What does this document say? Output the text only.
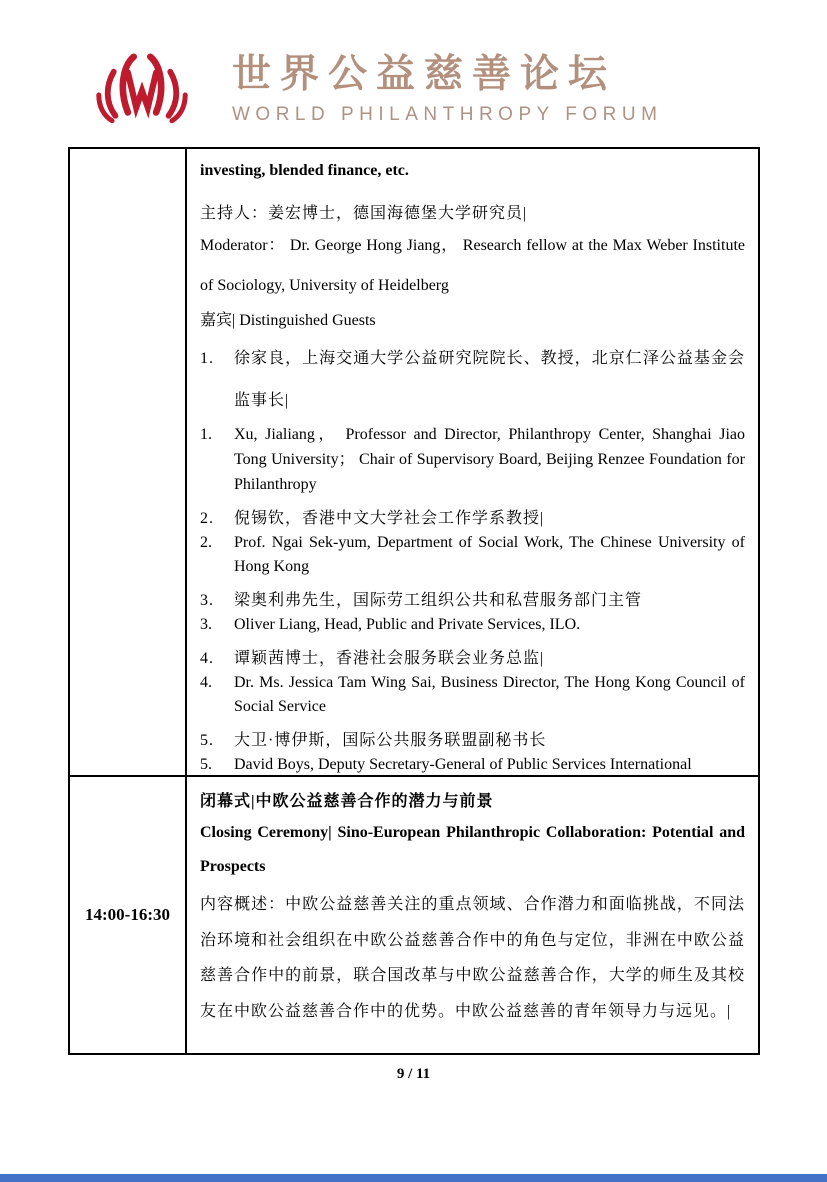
世界公益慈善论坛
WORLD PHILANTHROPY FORUM

investing, blended finance, etc.

主持人：姜宏博士，德国海德堡大学研究员|

Moderator： Dr. George Hong Jiang， Research fellow at the Max Weber Institute of Sociology, University of Heidelberg

嘉宾| Distinguished Guests

1.	徐家良，上海交通大学公益研究院院长、教授，北京仁泽公益基金会监事长|
1.	Xu, Jialiang， Professor and Director, Philanthropy Center, Shanghai Jiao Tong University； Chair of Supervisory Board, Beijing Renzee Foundation for Philanthropy
2.	倪锡钦，香港中文大学社会工作学系教授|
2.	Prof. Ngai Sek-yum, Department of Social Work, The Chinese University of Hong Kong
3.	梁奥利弗先生，国际劳工组织公共和私营服务部门主管
3.	Oliver Liang, Head, Public and Private Services, ILO.
4.	谭颖茜博士，香港社会服务联会业务总监|
4.	Dr. Ms. Jessica Tam Wing Sai, Business Director, The Hong Kong Council of Social Service
5.	大卫·博伊斯，国际公共服务联盟副秘书长
5.	David Boys, Deputy Secretary-General of Public Services International
14:00-16:30

闭幕式|中欧公益慈善合作的潜力与前景

Closing Ceremony| Sino-European Philanthropic Collaboration: Potential and Prospects

内容概述：中欧公益慈善关注的重点领域、合作潜力和面临挑战，不同法治环境和社会组织在中欧公益慈善合作中的角色与定位，非洲在中欧公益慈善合作中的前景，联合国改革与中欧公益慈善合作，大学的师生及其校友在中欧公益慈善合作中的优势。中欧公益慈善的青年领导力与远见。|

9 / 11
